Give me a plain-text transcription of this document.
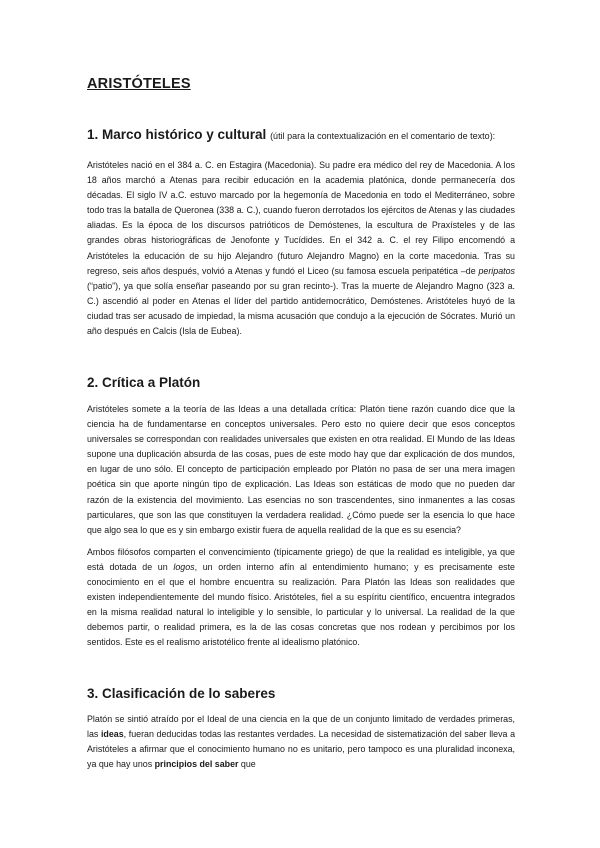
ARISTÓTELES
1. Marco histórico y cultural (útil para la contextualización en el comentario de texto):

Aristóteles nació en el 384 a. C. en Estagira (Macedonia). Su padre era médico del rey de Macedonia. A los 18 años marchó a Atenas para recibir educación en la academia platónica, donde permanecería dos décadas. El siglo IV a.C. estuvo marcado por la hegemonía de Macedonia en todo el Mediterráneo, sobre todo tras la batalla de Queronea (338 a. C.), cuando fueron derrotados los ejércitos de Atenas y las ciudades aliadas. Es la época de los discursos patrióticos de Demóstenes, la escultura de Praxísteles y de las grandes obras historiográficas de Jenofonte y Tucídides. En el 342 a. C. el rey Filipo encomendó a Aristóteles la educación de su hijo Alejandro (futuro Alejandro Magno) en la corte macedonia. Tras su regreso, seis años después, volvió a Atenas y fundó el Liceo (su famosa escuela peripatética –de peripatos (“patio”), ya que solía enseñar paseando por su gran recinto-). Tras la muerte de Alejandro Magno (323 a. C.) ascendió al poder en Atenas el líder del partido antidemocrático, Demóstenes. Aristóteles huyó de la ciudad tras ser acusado de impiedad, la misma acusación que condujo a la ejecución de Sócrates. Murió un año después en Calcis (Isla de Eubea).

2. Crítica a Platón

Aristóteles somete a la teoría de las Ideas a una detallada crítica: Platón tiene razón cuando dice que la ciencia ha de fundamentarse en conceptos universales. Pero esto no quiere decir que esos conceptos universales se correspondan con realidades universales que existen en otra realidad. El Mundo de las Ideas supone una duplicación absurda de las cosas, pues de este modo hay que dar explicación de dos mundos, en lugar de uno sólo. El concepto de participación empleado por Platón no pasa de ser una mera imagen poética sin que aporte ningún tipo de explicación. Las Ideas son estáticas de modo que no pueden dar razón de la existencia del movimiento. Las esencias no son trascendentes, sino inmanentes a las cosas particulares, que son las que constituyen la verdadera realidad. ¿Cómo puede ser la esencia lo que hace que algo sea lo que es y sin embargo existir fuera de aquella realidad de la que es su esencia?

Ambos filósofos comparten el convencimiento (típicamente griego) de que la realidad es inteligible, ya que está dotada de un logos, un orden interno afín al entendimiento humano; y es precisamente este conocimiento en el que el hombre encuentra su realización. Para Platón las Ideas son realidades que existen independientemente del mundo físico. Aristóteles, fiel a su espíritu científico, encuentra integrados en la misma realidad natural lo inteligible y lo sensible, lo particular y lo universal. La realidad de la que debemos partir, o realidad primera, es la de las cosas concretas que nos rodean y percibimos por los sentidos. Este es el realismo aristotélico frente al idealismo platónico.

3. Clasificación de lo saberes

Platón se sintió atraído por el Ideal de una ciencia en la que de un conjunto limitado de verdades primeras, las ideas, fueran deducidas todas las restantes verdades. La necesidad de sistematización del saber lleva a Aristóteles a afirmar que el conocimiento humano no es unitario, pero tampoco es una pluralidad inconexa, ya que hay unos principios del saber que
